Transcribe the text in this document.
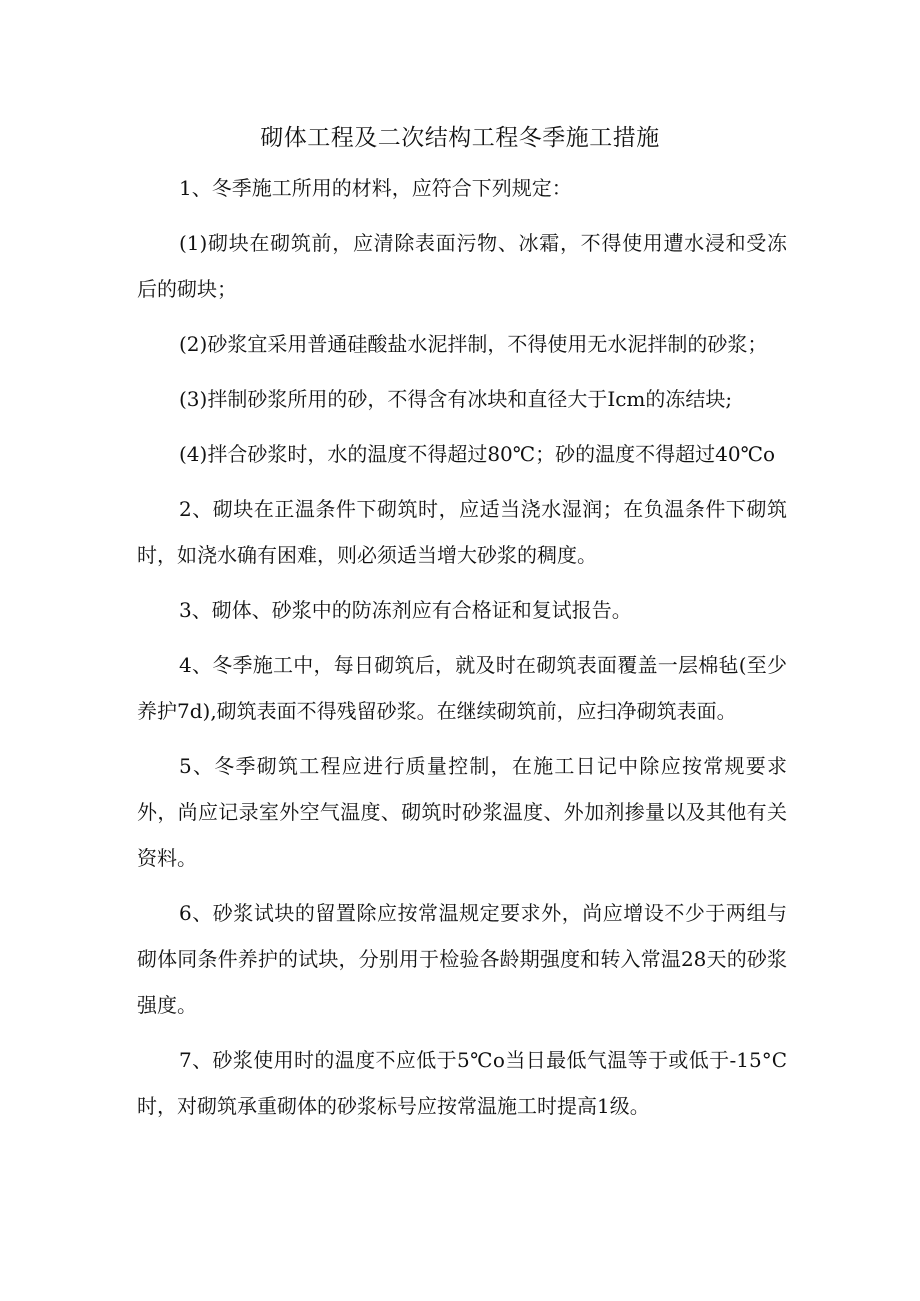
砌体工程及二次结构工程冬季施工措施

1、冬季施工所用的材料，应符合下列规定：

(1)砌块在砌筑前，应清除表面污物、冰霜，不得使用遭水浸和受冻后的砌块；

(2)砂浆宜采用普通硅酸盐水泥拌制，不得使用无水泥拌制的砂浆；

(3)拌制砂浆所用的砂，不得含有冰块和直径大于Icm的冻结块;

(4)拌合砂浆时，水的温度不得超过80℃；砂的温度不得超过40℃o

2、砌块在正温条件下砌筑时，应适当浇水湿润；在负温条件下砌筑时，如浇水确有困难，则必须适当增大砂浆的稠度。

3、砌体、砂浆中的防冻剂应有合格证和复试报告。

4、冬季施工中，每日砌筑后，就及时在砌筑表面覆盖一层棉毡(至少养护7d),砌筑表面不得残留砂浆。在继续砌筑前，应扫净砌筑表面。

5、冬季砌筑工程应进行质量控制，在施工日记中除应按常规要求外，尚应记录室外空气温度、砌筑时砂浆温度、外加剂掺量以及其他有关资料。

6、砂浆试块的留置除应按常温规定要求外，尚应增设不少于两组与砌体同条件养护的试块，分别用于检验各龄期强度和转入常温28天的砂浆强度。

7、砂浆使用时的温度不应低于5℃o当日最低气温等于或低于-15°C时，对砌筑承重砌体的砂浆标号应按常温施工时提高1级。
